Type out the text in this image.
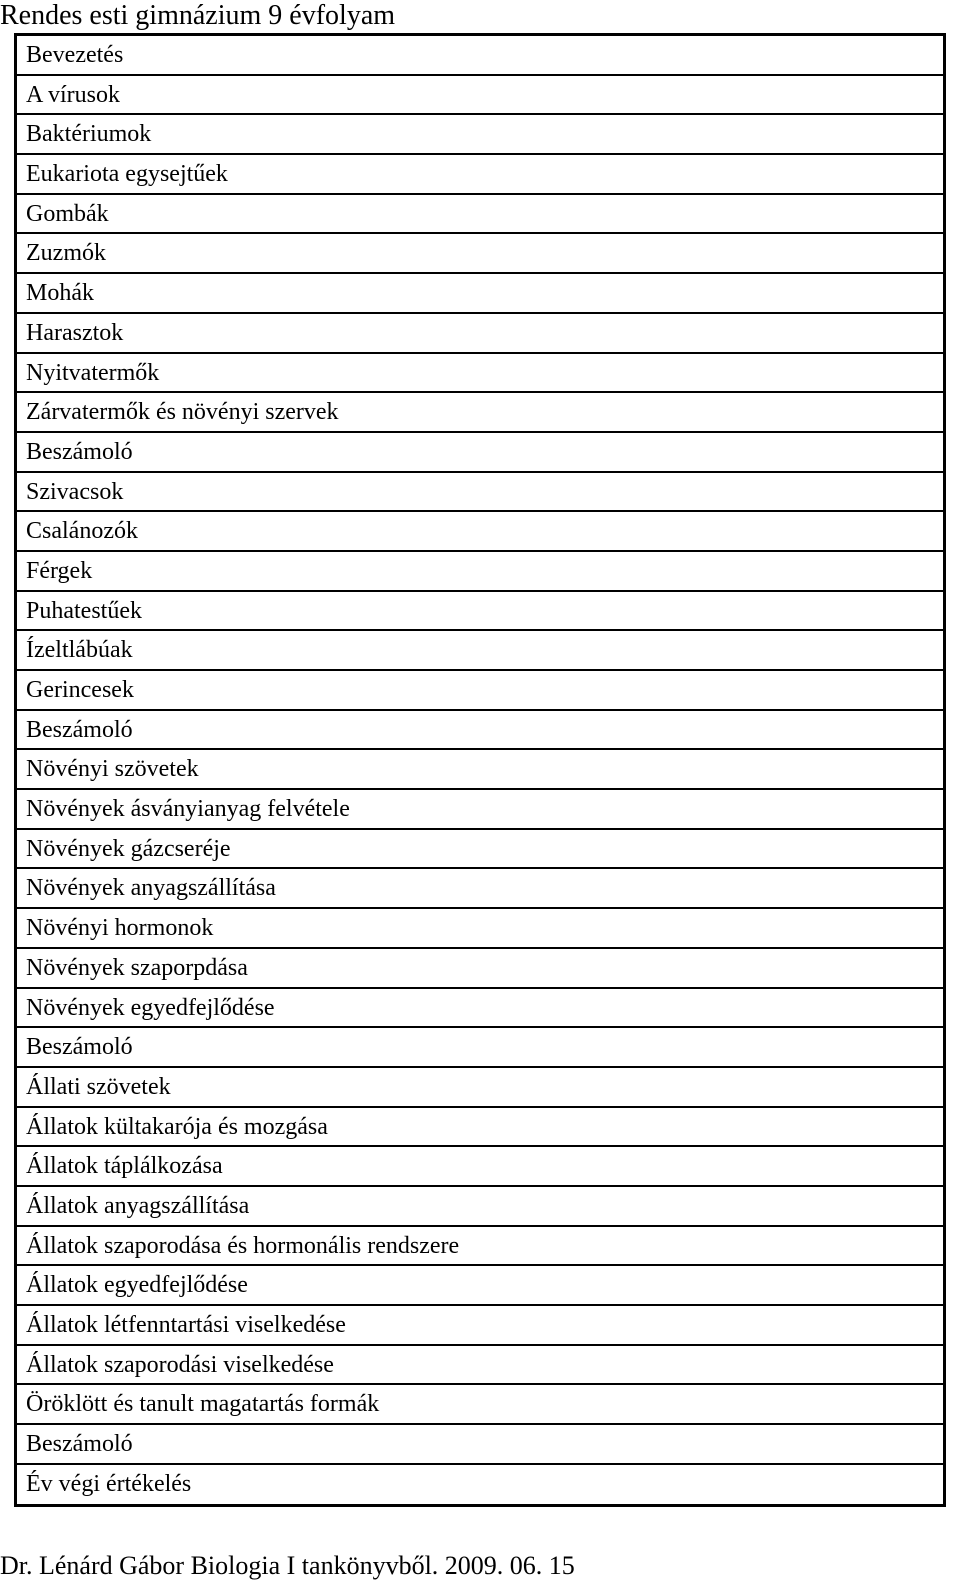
Rendes esti gimnázium 9 évfolyam
Bevezetés
A vírusok
Baktériumok
Eukariota egysejtűek
Gombák
Zuzmók
Mohák
Harasztok
Nyitvatermők
Zárvatermők és növényi szervek
Beszámoló
Szivacsok
Csalánozók
Férgek
Puhatestűek
Ízeltlábúak
Gerincesek
Beszámoló
Növényi szövetek
Növények ásványianyag felvétele
Növények gázcseréje
Növények anyagszállítása
Növényi hormonok
Növények szaporpdása
Növények egyedfejlődése
Beszámoló
Állati szövetek
Állatok kültakarója és mozgása
Állatok táplálkozása
Állatok anyagszállítása
Állatok szaporodása és hormonális rendszere
Állatok egyedfejlődése
Állatok létfenntartási viselkedése
Állatok szaporodási viselkedése
Öröklött és tanult magatartás formák
Beszámoló
Év végi értékelés
Dr. Lénárd Gábor Biologia I tankönyvből. 2009. 06. 15
